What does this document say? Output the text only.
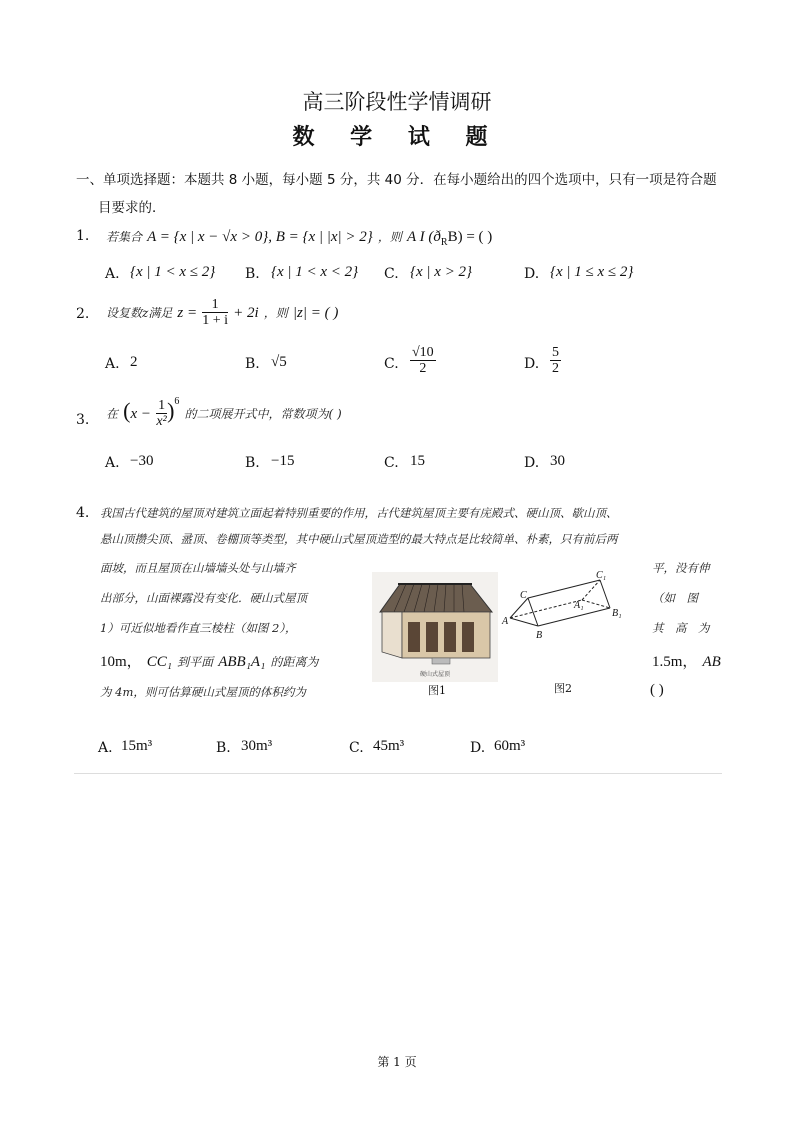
高三阶段性学情调研
数 学 试 题
一、单项选择题：本题共 8 小题，每小题 5 分，共 40 分．在每小题给出的四个选项中，只有一项是符合题
目要求的．
1. 若集合 A = {x | x − √x > 0}, B = {x | |x| > 2} ，则 A I $(ð_RB)$ = ( )
A. {x | 1 < x ≤ 2} B. {x | 1 < x < 2} C. {x | x > 2}	D. {x | 1 ≤ x ≤ 2}
2. 设复数z满足 $z = \frac{1}{1 + i} + 2i$ ，则 |z| = ( )
A. 2	B. √5	C. $\frac{√10}{2}$	D. $\frac{5}{2}$
3. 在 $(x - \frac{1}{\text{x²}} )^6$ 的二项展开式中，常数项为( )
A. −30	B. −15	C. 15	D. 30
4. 我国古代建筑的屋顶对建筑立面起着特别重要的作用，古代建筑屋顶主要有庑殿式、硬山顶、歇山顶、
悬山顶攒尖顶、盝顶、卷棚顶等类型，其中硬山式屋顶造型的最大特点是比较简单、朴素，只有前后两
面坡，而且屋顶在山墙墙头处与山墙齐	平，没有伸
出部分，山面裸露没有变化．硬山式屋顶	（如　图
1）可近似地看作直三棱柱（如图 2），	其　高　为
10m， CC₁ 到平面 ABB₁A₁ 的距离为	1.5m， AB
为 4m，则可估算硬山式屋顶的体积约为	( )
硬山式屋顶
图1
C₁
C
A₁
B₁
A
B
图2
A. 15m³	B. 30m³	C. 45m³	D. 60m³
第 1 页
